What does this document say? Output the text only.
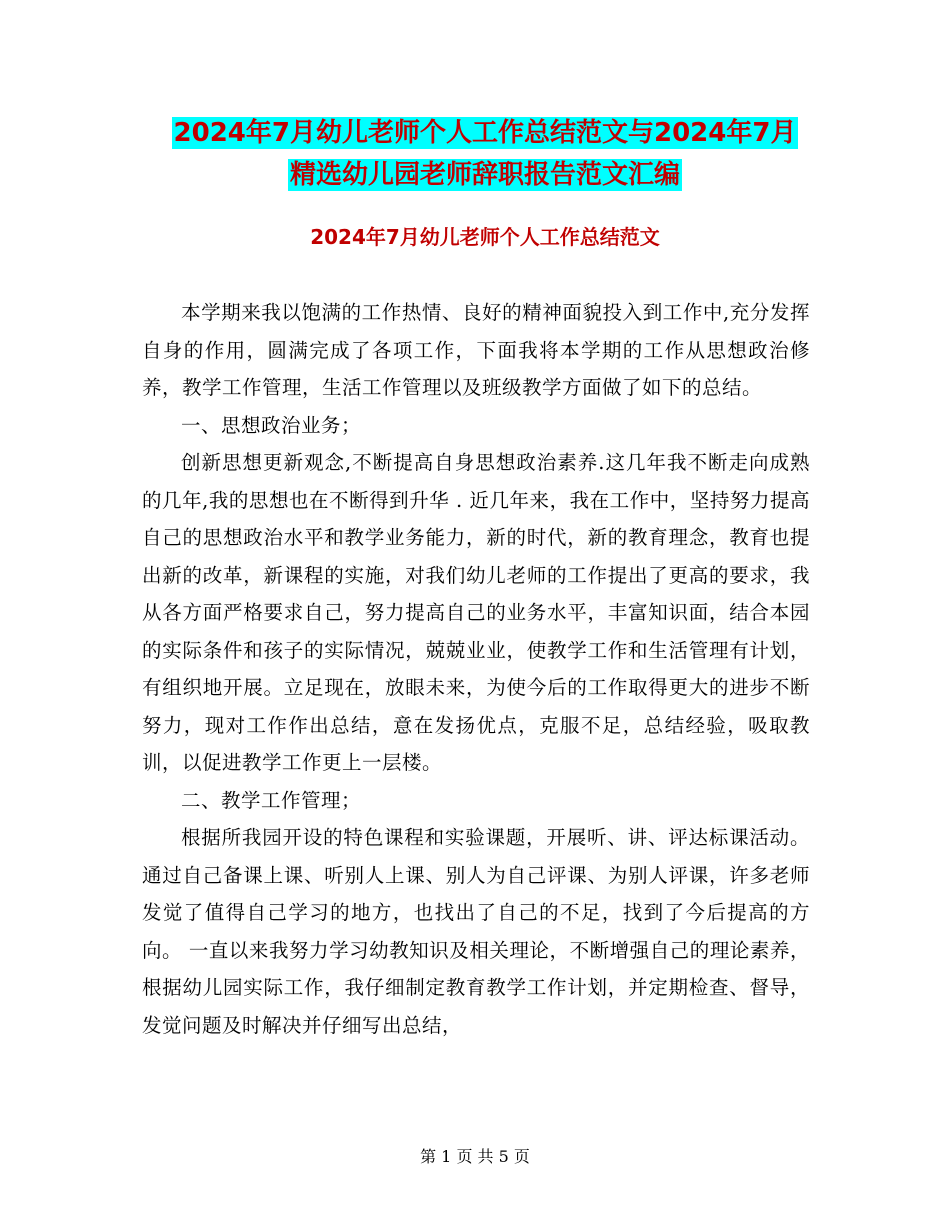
2024年7月幼儿老师个人工作总结范文与2024年7月
精选幼儿园老师辞职报告范文汇编
2024年7月幼儿老师个人工作总结范文

本学期来我以饱满的工作热情、良好的精神面貌投入到工作中,充分发挥自身的作用，圆满完成了各项工作，下面我将本学期的工作从思想政治修养，教学工作管理，生活工作管理以及班级教学方面做了如下的总结。

一、思想政治业务；

创新思想更新观念,不断提高自身思想政治素养.这几年我不断走向成熟的几年,我的思想也在不断得到升华 . 近几年来，我在工作中，坚持努力提高自己的思想政治水平和教学业务能力，新的时代，新的教育理念，教育也提出新的改革，新课程的实施，对我们幼儿老师的工作提出了更高的要求，我从各方面严格要求自己，努力提高自己的业务水平，丰富知识面，结合本园的实际条件和孩子的实际情况，兢兢业业，使教学工作和生活管理有计划，有组织地开展。立足现在，放眼未来，为使今后的工作取得更大的进步不断努力，现对工作作出总结，意在发扬优点，克服不足，总结经验，吸取教训，以促进教学工作更上一层楼。

二、教学工作管理；

根据所我园开设的特色课程和实验课题，开展听、讲、评达标课活动。通过自己备课上课、听别人上课、别人为自己评课、为别人评课，许多老师发觉了值得自己学习的地方，也找出了自己的不足，找到了今后提高的方向。 一直以来我努力学习幼教知识及相关理论，不断增强自己的理论素养，根据幼儿园实际工作，我仔细制定教育教学工作计划，并定期检查、督导，发觉问题及时解决并仔细写出总结，

第 1 页 共 5 页
